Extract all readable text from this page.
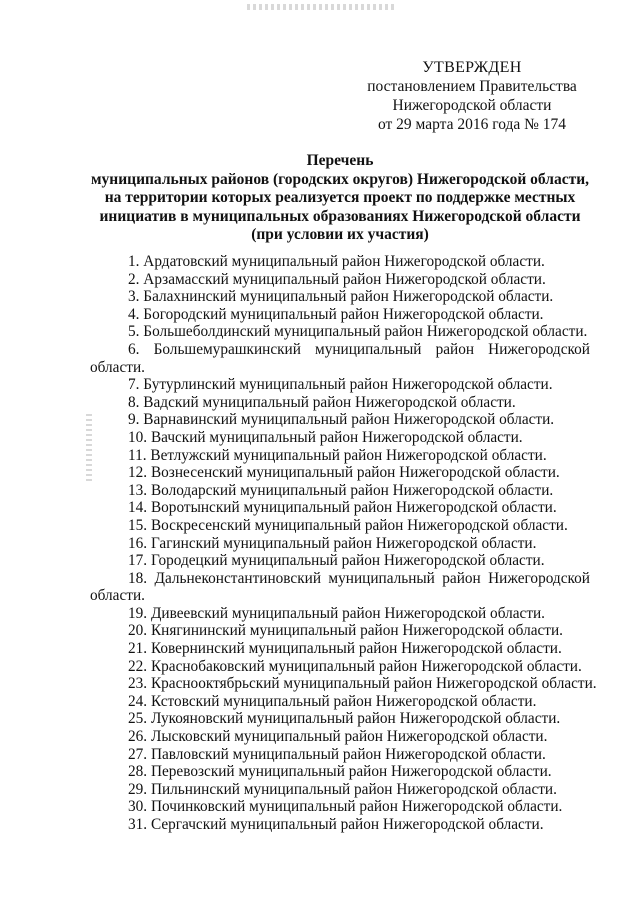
УТВЕРЖДЕН
постановлением Правительства
Нижегородской области
от 29 марта 2016 года № 174
Перечень
муниципальных районов (городских округов) Нижегородской области,
на территории которых реализуется проект по поддержке местных
инициатив в муниципальных образованиях Нижегородской области
(при условии их участия)
1. Ардатовский муниципальный район Нижегородской области.
2. Арзамасский муниципальный район Нижегородской области.
3. Балахнинский муниципальный район Нижегородской области.
4. Богородский муниципальный район Нижегородской области.
5. Большеболдинский муниципальный район Нижегородской области.
6. Большемурашкинский муниципальный район Нижегородской
области.
7. Бутурлинский муниципальный район Нижегородской области.
8. Вадский муниципальный район Нижегородской области.
9. Варнавинский муниципальный район Нижегородской области.
10. Вачский муниципальный район Нижегородской области.
11. Ветлужский муниципальный район Нижегородской области.
12. Вознесенский муниципальный район Нижегородской области.
13. Володарский муниципальный район Нижегородской области.
14. Воротынский муниципальный район Нижегородской области.
15. Воскресенский муниципальный район Нижегородской области.
16. Гагинский муниципальный район Нижегородской области.
17. Городецкий муниципальный район Нижегородской области.
18. Дальнеконстантиновский муниципальный район Нижегородской
области.
19. Дивеевский муниципальный район Нижегородской области.
20. Княгининский муниципальный район Нижегородской области.
21. Ковернинский муниципальный район Нижегородской области.
22. Краснобаковский муниципальный район Нижегородской области.
23. Краснооктябрьский муниципальный район Нижегородской области.
24. Кстовский муниципальный район Нижегородской области.
25. Лукояновский муниципальный район Нижегородской области.
26. Лысковский муниципальный район Нижегородской области.
27. Павловский муниципальный район Нижегородской области.
28. Перевозский муниципальный район Нижегородской области.
29. Пильнинский муниципальный район Нижегородской области.
30. Починковский муниципальный район Нижегородской области.
31. Сергачский муниципальный район Нижегородской области.
